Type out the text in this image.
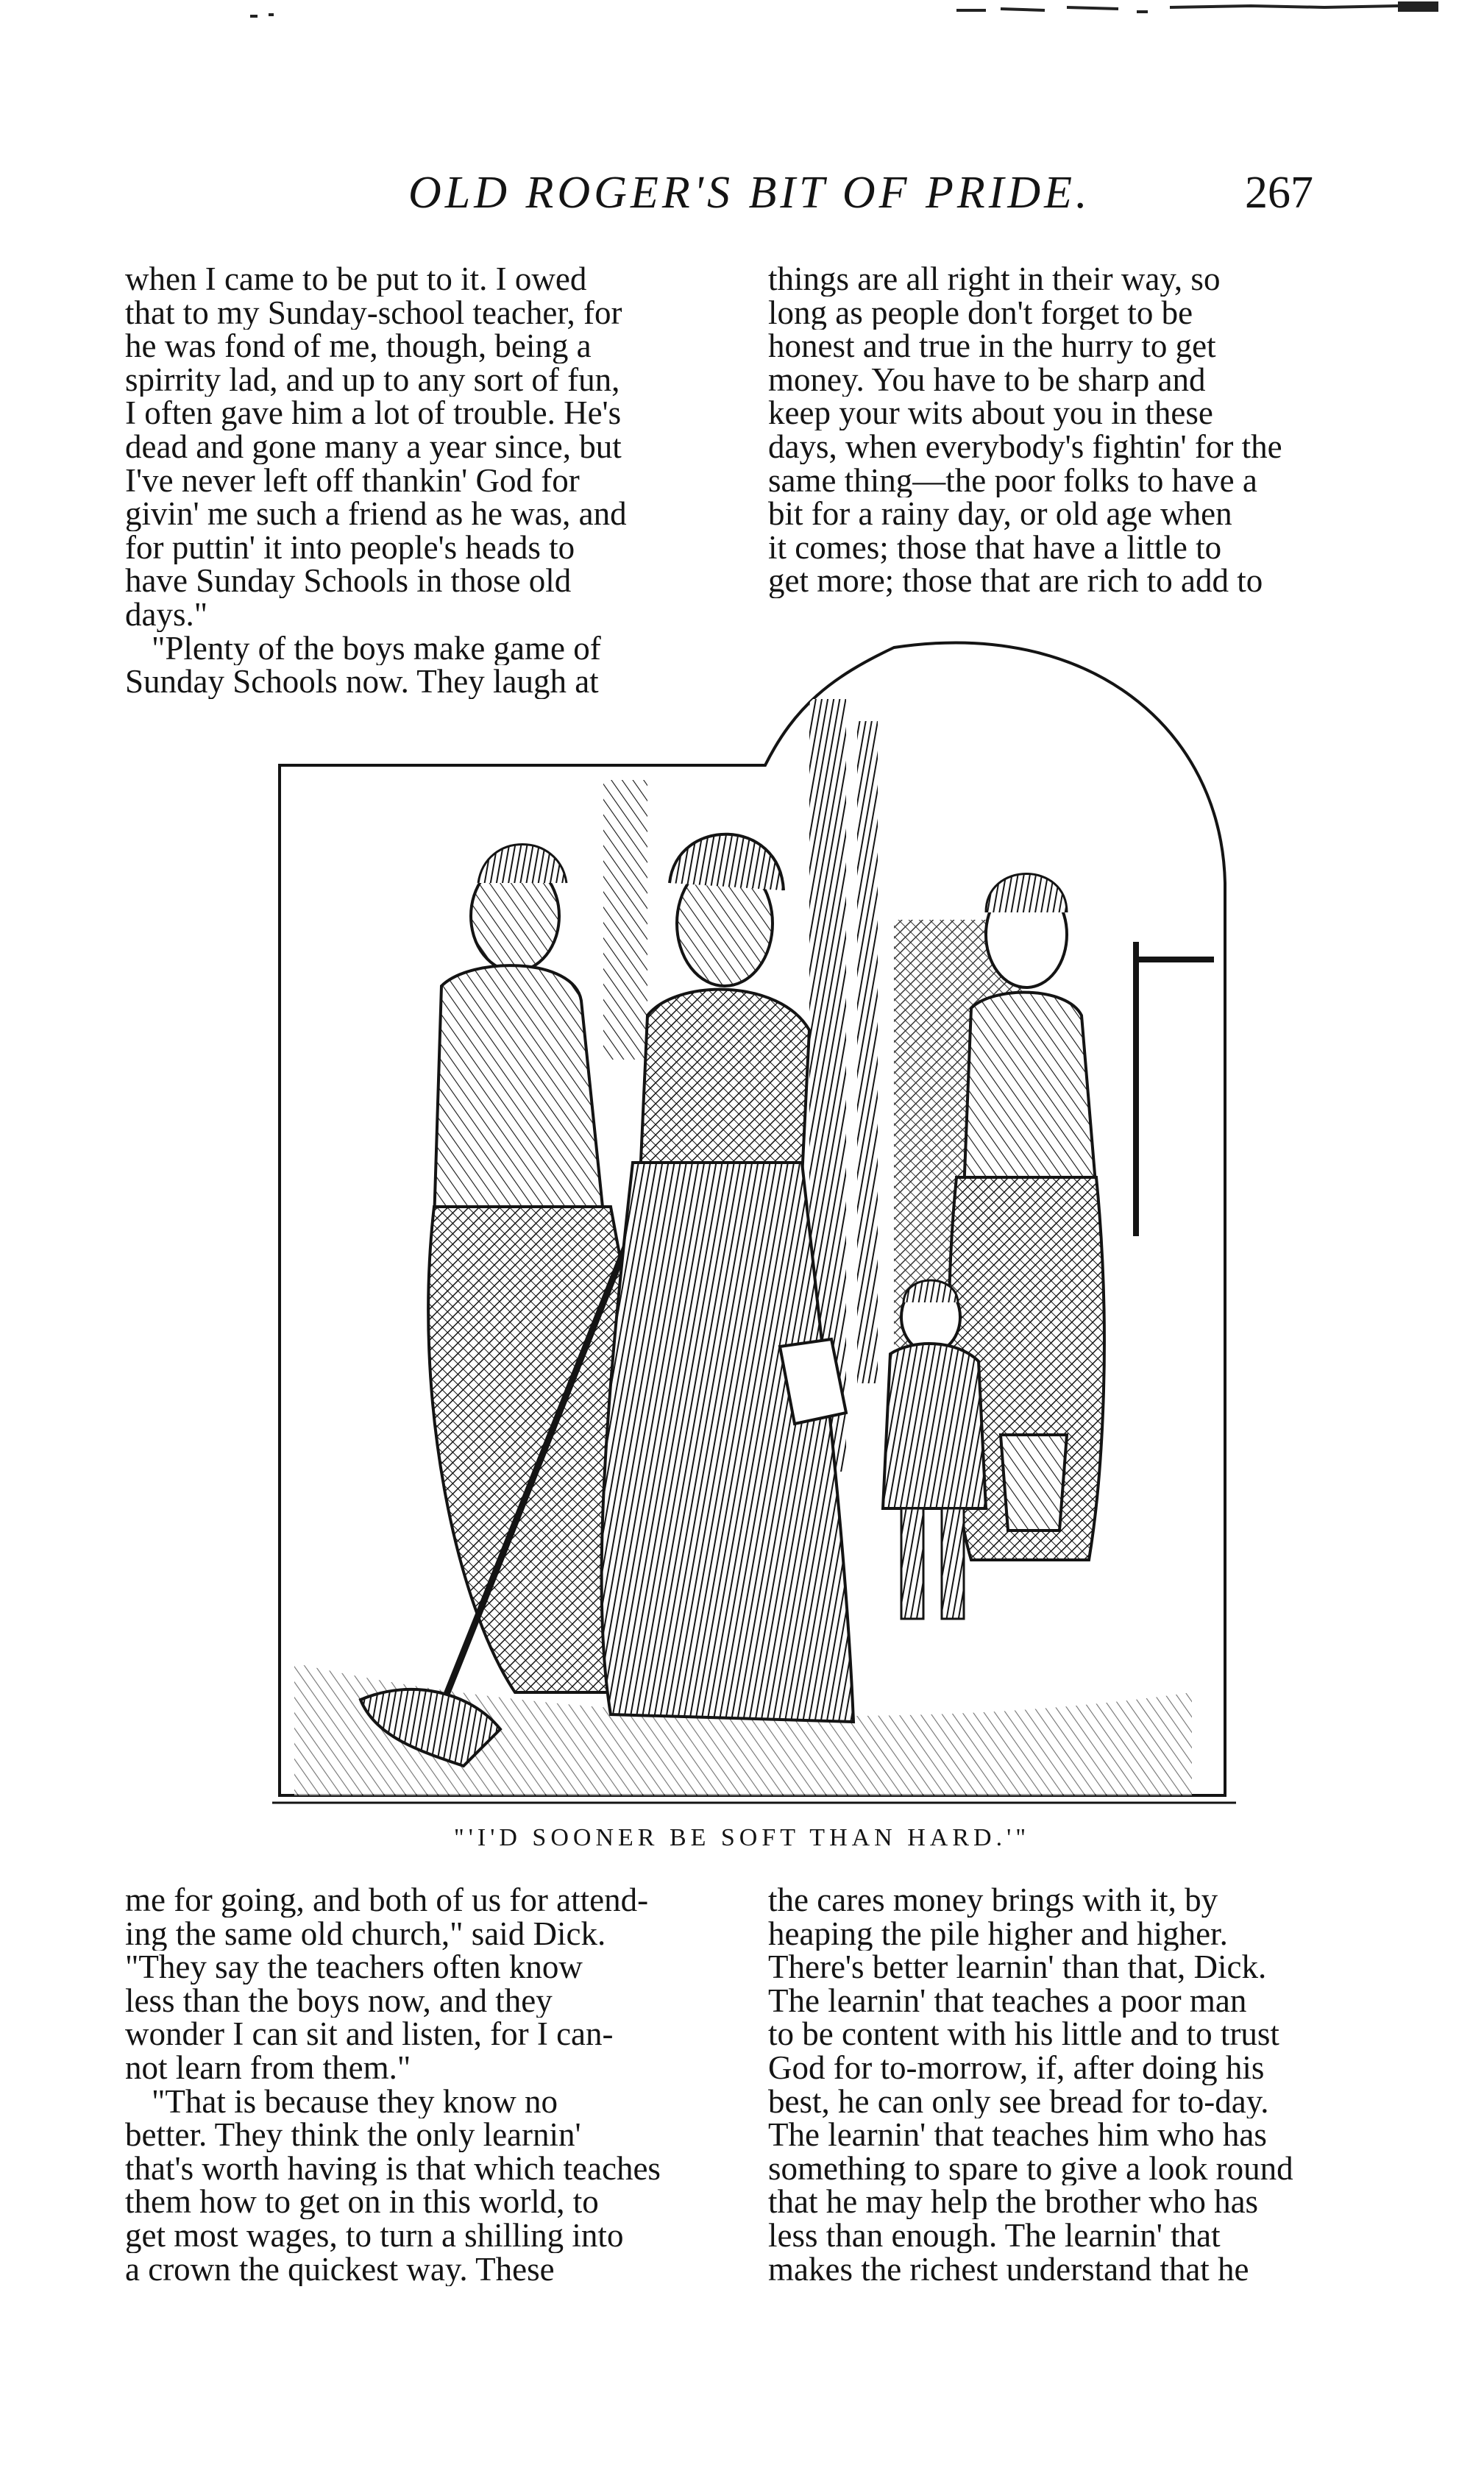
OLD ROGER'S BIT OF PRIDE.	267
when I came to be put to it. I owed
that to my Sunday-school teacher, for
he was fond of me, though, being a
spirrity lad, and up to any sort of fun,
I often gave him a lot of trouble. He's
dead and gone many a year since, but
I've never left off thankin' God for
givin' me such a friend as he was, and
for puttin' it into people's heads to
have Sunday Schools in those old
days."
"Plenty of the boys make game of
Sunday Schools now. They laugh at
things are all right in their way, so
long as people don't forget to be
honest and true in the hurry to get
money. You have to be sharp and
keep your wits about you in these
days, when everybody's fightin' for the
same thing—the poor folks to have a
bit for a rainy day, or old age when
it comes; those that have a little to
get more; those that are rich to add to
"'I'D SOONER BE SOFT THAN HARD.'"
me for going, and both of us for attend-
ing the same old church," said Dick.
"They say the teachers often know
less than the boys now, and they
wonder I can sit and listen, for I can-
not learn from them."
"That is because they know no
better. They think the only learnin'
that's worth having is that which teaches
them how to get on in this world, to
get most wages, to turn a shilling into
a crown the quickest way. These
the cares money brings with it, by
heaping the pile higher and higher.
There's better learnin' than that, Dick.
The learnin' that teaches a poor man
to be content with his little and to trust
God for to-morrow, if, after doing his
best, he can only see bread for to-day.
The learnin' that teaches him who has
something to spare to give a look round
that he may help the brother who has
less than enough. The learnin' that
makes the richest understand that he
